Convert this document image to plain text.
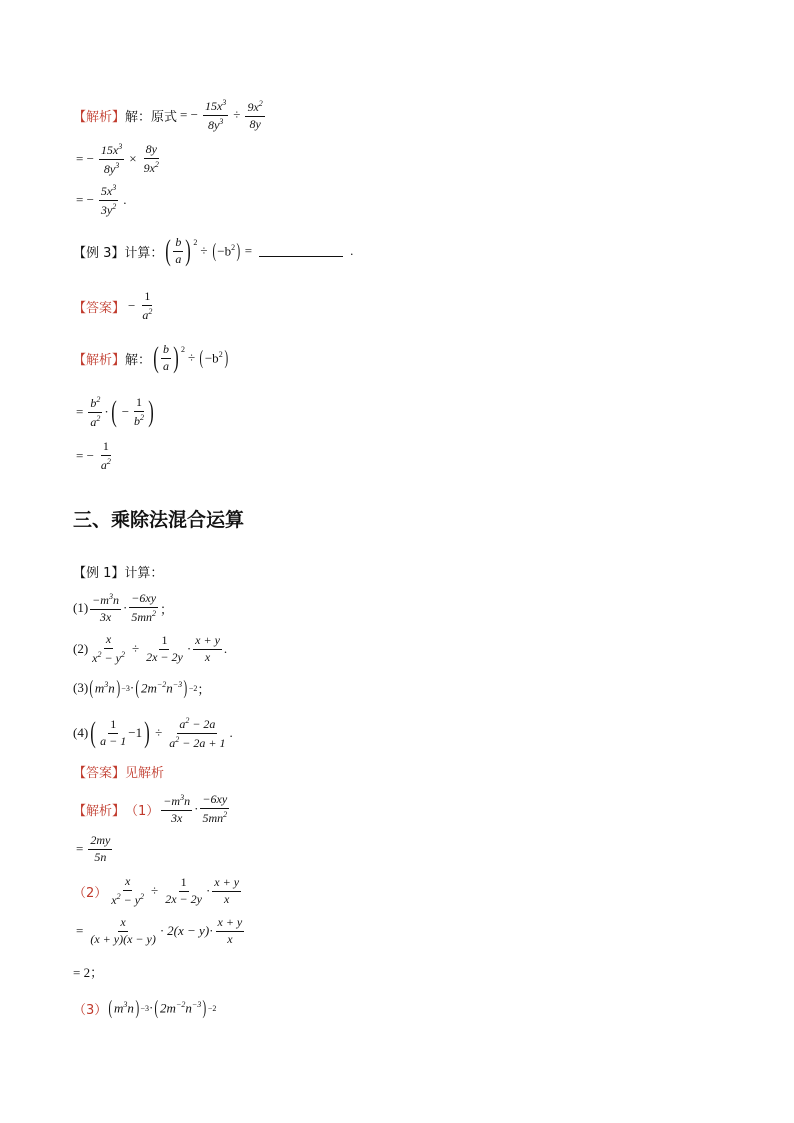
【解析】 解： 原式 = − $\frac{15x^3}{8y^3} \div \frac{9x^2}{8y}$
= − $\frac{15x^3}{8y^3} \times \frac{8y}{9x^2}$
= − $\frac{5x^3}{3y^2}$ .
【例 3】 计算： ( $\frac{b}{a}$ ) 2
÷ ( $-b^2$ ) =	.
【答案】 − $\frac{1}{a^2}$
【解析】 解： ( $\frac{b}{a}$ ) 2
÷ ( $-b^2$ )
= $\frac{b^2}{a^2}$ · ( − $\frac{1}{b^2}$ )
= − $\frac{1}{a^2}$
三、乘除法混合运算
【例 1】 计算：
$(1) \frac{-m^3n}{3x} \cdot \frac{-6xy}{5mn^2}$ ；
$(2) \frac{x}{x^2 - y^2} \div \frac{1}{2x - 2y} \cdot \frac{x + y}{x}$ .
(3) ( $m^3n$ ) −3 · ( $2m^{-2}n^{-3}$ ) −2 ；
(4) ( $\frac{1}{a - 1} -1$ ) ÷ $\frac{a^2 - 2a}{a^2 - 2a + 1}$ .
【答案】 见解析
【解析】 $(1) \frac{-m^3n}{3x} \cdot \frac{-6xy}{5mn^2}$
= $\frac{2my}{5n}$
$(2) \frac{x}{x^2 - y^2} \div \frac{1}{2x - 2y} \cdot \frac{x + y}{x}$
= $\frac{x}{(x + y)(x - y)} \cdot 2(x - y) \cdot \frac{x + y}{x}$
= 2；
（3） ( $m^3n$ ) −3 · ( $2m^{-2}n^{-3}$ ) −2
